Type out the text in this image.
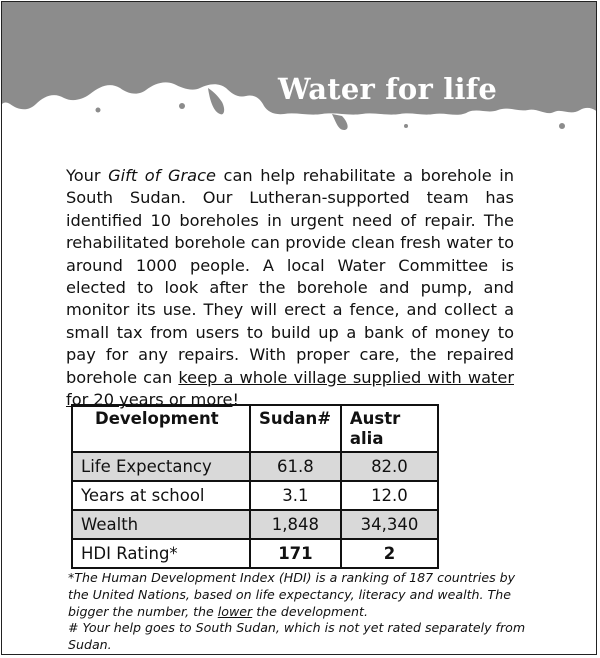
Water for life
Your Gift of Grace can help rehabilitate a borehole in South Sudan. Our Lutheran-supported team has identified 10 boreholes in urgent need of repair. The rehabilitated borehole can provide clean fresh water to around 1000 people. A local Water Committee is elected to look after the borehole and pump, and monitor its use. They will erect a fence, and collect a small tax from users to build up a bank of money to pay for any repairs. With proper care, the repaired borehole can keep a whole village supplied with water for 20 years or more!
Development	Sudan#	Australia
Life Expectancy	61.8	82.0
Years at school	3.1	12.0
Wealth	1,848	34,340
HDI Rating*	171	2
*The Human Development Index (HDI) is a ranking of 187 countries by the United Nations, based on life expectancy, literacy and wealth. The bigger the number, the lower the development.
# Your help goes to South Sudan, which is not yet rated separately from Sudan.
